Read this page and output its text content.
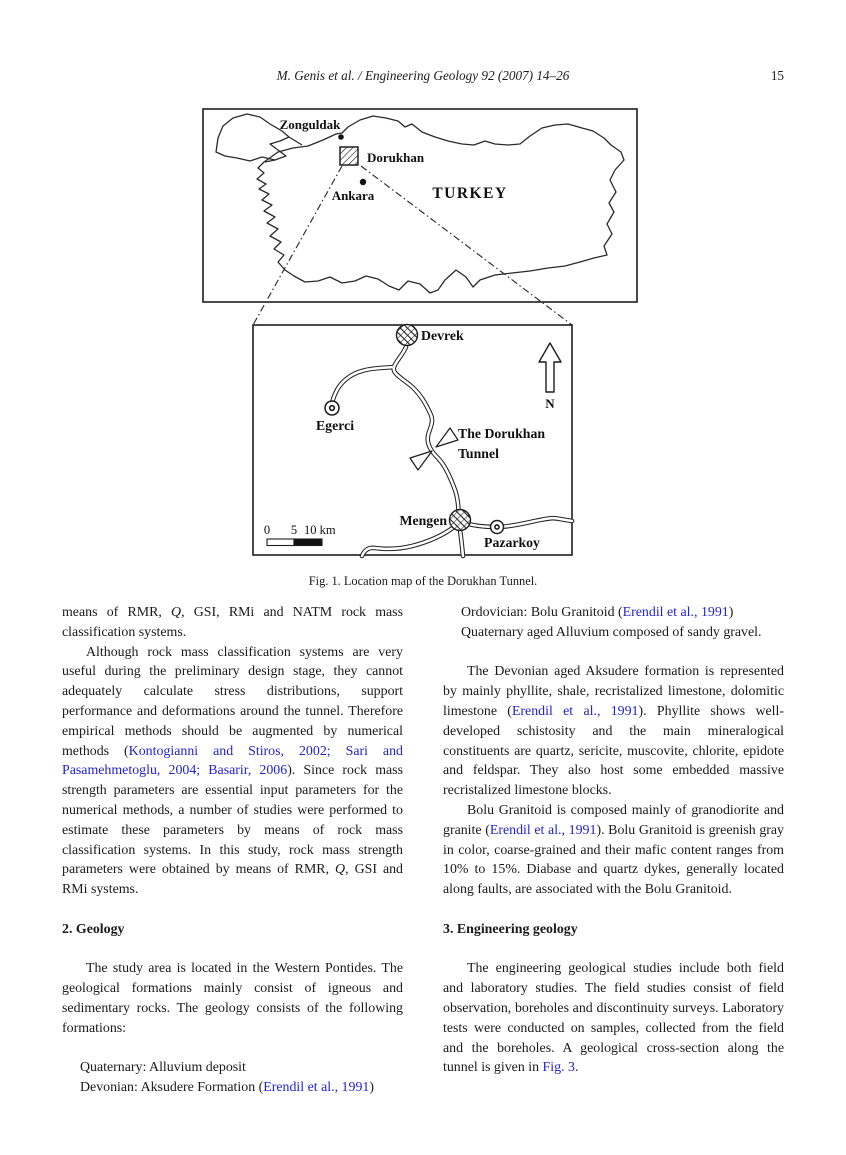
M. Genis et al. / Engineering Geology 92 (2007) 14–26	15
Zonguldak
Dorukhan
Ankara	TURKEY
Devrek
Egerci
The Dorukhan
Tunnel
Mengen
Pazarkoy
N
0 5 10 km
Fig. 1. Location map of the Dorukhan Tunnel.

means of RMR, Q, GSI, RMi and NATM rock mass classification systems.

Although rock mass classification systems are very useful during the preliminary design stage, they cannot adequately calculate stress distributions, support performance and deformations around the tunnel. Therefore empirical methods should be augmented by numerical methods (Kontogianni and Stiros, 2002; Sari and Pasamehmetoglu, 2004; Basarir, 2006). Since rock mass strength parameters are essential input parameters for the numerical methods, a number of studies were performed to estimate these parameters by means of rock mass classification systems. In this study, rock mass strength parameters were obtained by means of RMR, Q, GSI and RMi systems.

2. Geology

The study area is located in the Western Pontides. The geological formations mainly consist of igneous and sedimentary rocks. The geology consists of the following formations:

Quaternary: Alluvium deposit
Devonian: Aksudere Formation (Erendil et al., 1991)
Ordovician: Bolu Granitoid (Erendil et al., 1991)
Quaternary aged Alluvium composed of sandy gravel.

The Devonian aged Aksudere formation is represented by mainly phyllite, shale, recristalized limestone, dolomitic limestone (Erendil et al., 1991). Phyllite shows well-developed schistosity and the main mineralogical constituents are quartz, sericite, muscovite, chlorite, epidote and feldspar. They also host some embedded massive recristalized limestone blocks.

Bolu Granitoid is composed mainly of granodiorite and granite (Erendil et al., 1991). Bolu Granitoid is greenish gray in color, coarse-grained and their mafic content ranges from 10% to 15%. Diabase and quartz dykes, generally located along faults, are associated with the Bolu Granitoid.

3. Engineering geology

The engineering geological studies include both field and laboratory studies. The field studies consist of field observation, boreholes and discontinuity surveys. Laboratory tests were conducted on samples, collected from the field and the boreholes. A geological cross-section along the tunnel is given in Fig. 3.
